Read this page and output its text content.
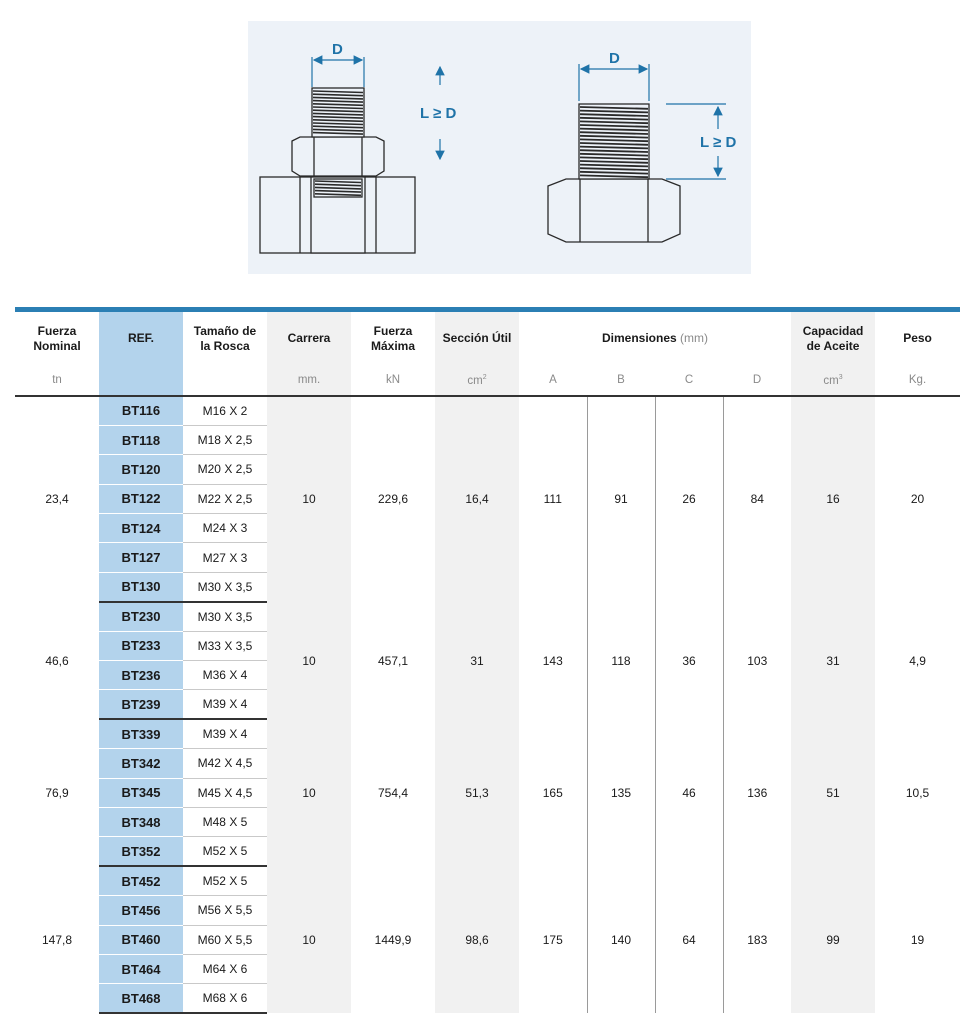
D
L ≥ D
D
L ≥ D
Fuerza Nominal	REF.	Tamaño de la Rosca	Carrera	Fuerza Máxima	Sección Útil	Dimensiones (mm)				Capacidad de Aceite	Peso
tn			mm.	kN	$cm^2$	A	B	C	D	$cm^3$	Kg.
23,4	BT116	M16 X 2	10	229,6	16,4	111	91	26	84	16	20
	BT118	M18 X 2,5									
	BT120	M20 X 2,5									
	BT122	M22 X 2,5									
	BT124	M24 X 3									
	BT127	M27 X 3									
	BT130	M30 X 3,5									
46,6	BT230	M30 X 3,5	10	457,1	31	143	118	36	103	31	4,9
	BT233	M33 X 3,5									
	BT236	M36 X 4									
	BT239	M39 X 4									
76,9	BT339	M39 X 4	10	754,4	51,3	165	135	46	136	51	10,5
	BT342	M42 X 4,5									
	BT345	M45 X 4,5									
	BT348	M48 X 5									
	BT352	M52 X 5									
147,8	BT452	M52 X 5	10	1449,9	98,6	175	140	64	183	99	19
	BT456	M56 X 5,5									
	BT460	M60 X 5,5									
	BT464	M64 X 6									
	BT468	M68 X 6									
